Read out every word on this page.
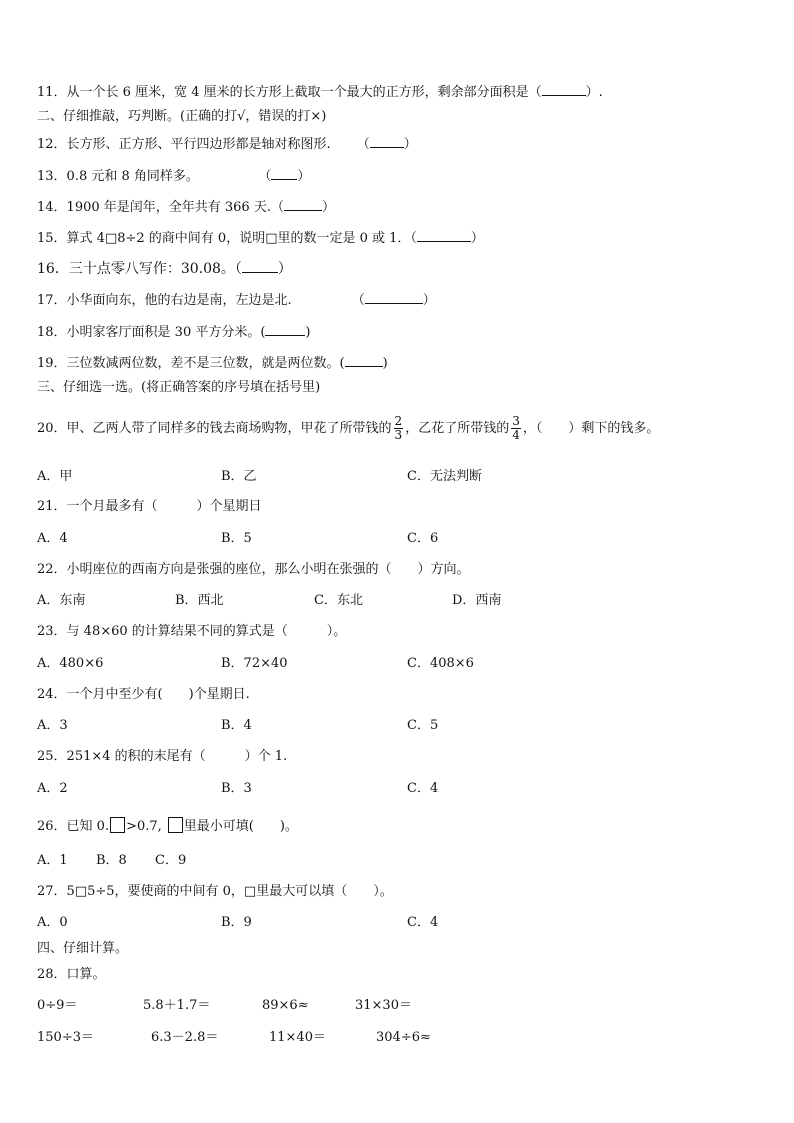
11．从一个长 6 厘米，宽 4 厘米的长方形上截取一个最大的正方形，剩余部分面积是（	）.
二、仔细推敲，巧判断。(正确的打√，错误的打×)
12．长方形、正方形、平行四边形都是轴对称图形. （	）
13．0.8 元和 8 角同样多。	（ ）
14．1900 年是闰年，全年共有 366 天.（	）
15．算式 4□8÷2 的商中间有 0，说明□里的数一定是 0 或 1．（	）
16．三十点零八写作：30.08。（	）
17．小华面向东，他的右边是南，左边是北.	（	）
18．小明家客厅面积是 30 平方分米。(	)
19．三位数减两位数，差不是三位数，就是两位数。(	)
三、仔细选一选。(将正确答案的序号填在括号里)
20．甲、乙两人带了同样多的钱去商场购物，甲花了所带钱的 $\frac{2}{3}$ ，乙花了所带钱的 $\frac{3}{4}$ ，（　　）剩下的钱多。
A．甲	B．乙	C．无法判断
21．一个月最多有（　　　）个星期日
A．4	B．5	C．6
22．小明座位的西南方向是张强的座位，那么小明在张强的（　　）方向。
A．东南	B．西北	C．东北	D．西南
23．与 48×60 的计算结果不同的算式是（　　　）。
A．480×6	B．72×40	C．408×6
24．一个月中至少有(　　)个星期日.
A．3	B．4	C．5
25．251×4 的积的末尾有（　　　）个 1.
A．2	B．3	C．4
26．已知 0. >0.7, 里最小可填(　　)。
A．1 B．8 C．9
27．5□5÷5，要使商的中间有 0，□里最大可以填（　　）。
A．0	B．9	C．4
四、仔细计算。
28．口算。
0÷9＝	5.8＋1.7＝	89×6≈	31×30＝
150÷3＝	6.3－2.8＝	11×40＝	304÷6≈
